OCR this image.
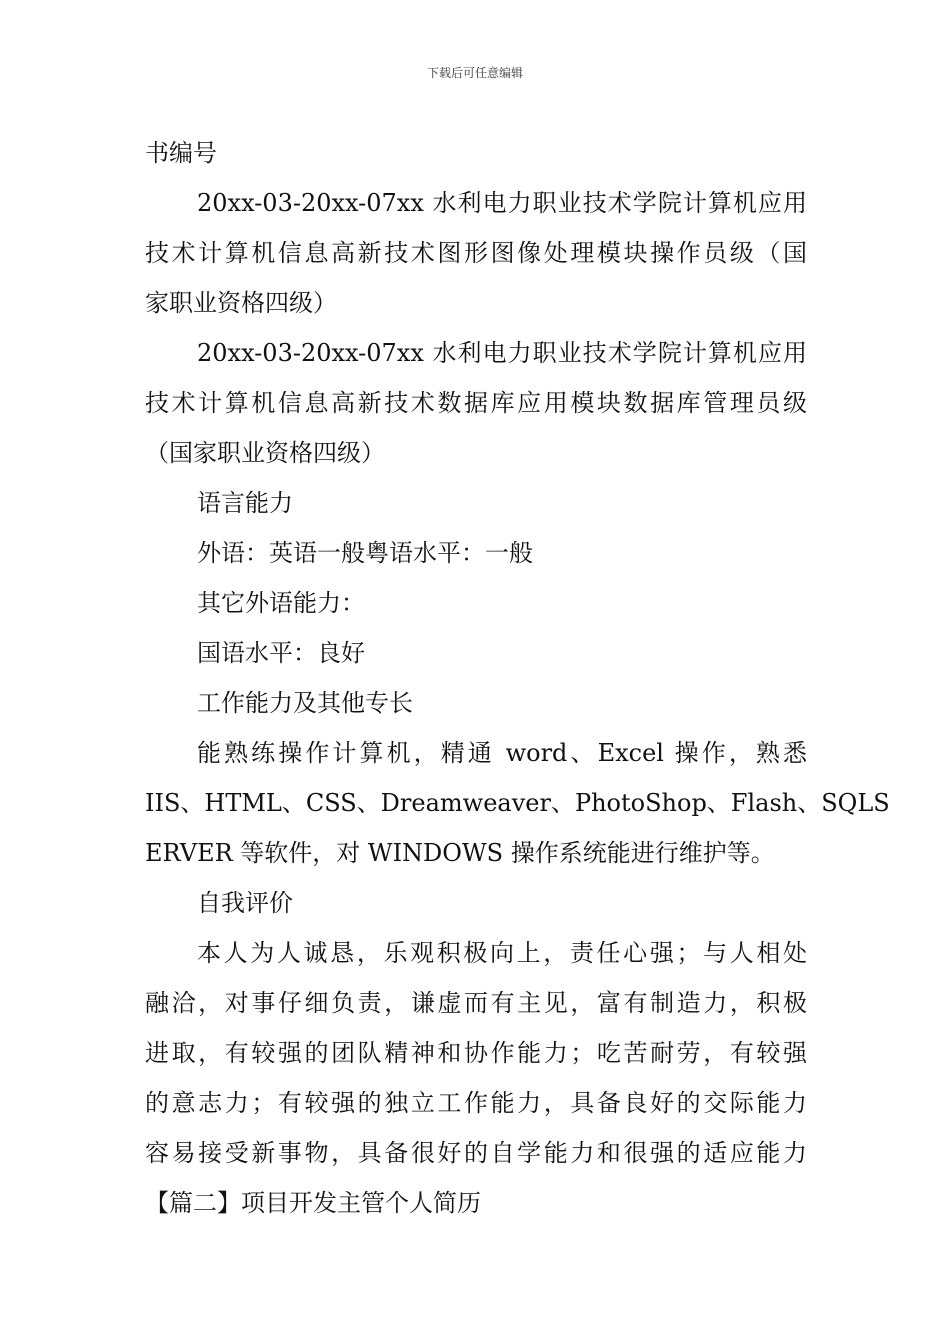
下载后可任意编辑
书编号
20xx-03-20xx-07xx 水利电力职业技术学院计算机应用
技术计算机信息高新技术图形图像处理模块操作员级（国
家职业资格四级）
20xx-03-20xx-07xx 水利电力职业技术学院计算机应用
技术计算机信息高新技术数据库应用模块数据库管理员级
（国家职业资格四级）
语言能力
外语：英语一般粤语水平：一般
其它外语能力：
国语水平：良好
工作能力及其他专长
能熟练操作计算机，精通 word、Excel 操作，熟悉
IIS、HTML、CSS、Dreamweaver、PhotoShop、Flash、SQLS
ERVER 等软件，对 WINDOWS 操作系统能进行维护等。
自我评价
本人为人诚恳，乐观积极向上，责任心强；与人相处
融洽，对事仔细负责，谦虚而有主见，富有制造力，积极
进取，有较强的团队精神和协作能力；吃苦耐劳，有较强
的意志力；有较强的独立工作能力，具备良好的交际能力
容易接受新事物，具备很好的自学能力和很强的适应能力
【篇二】项目开发主管个人简历
